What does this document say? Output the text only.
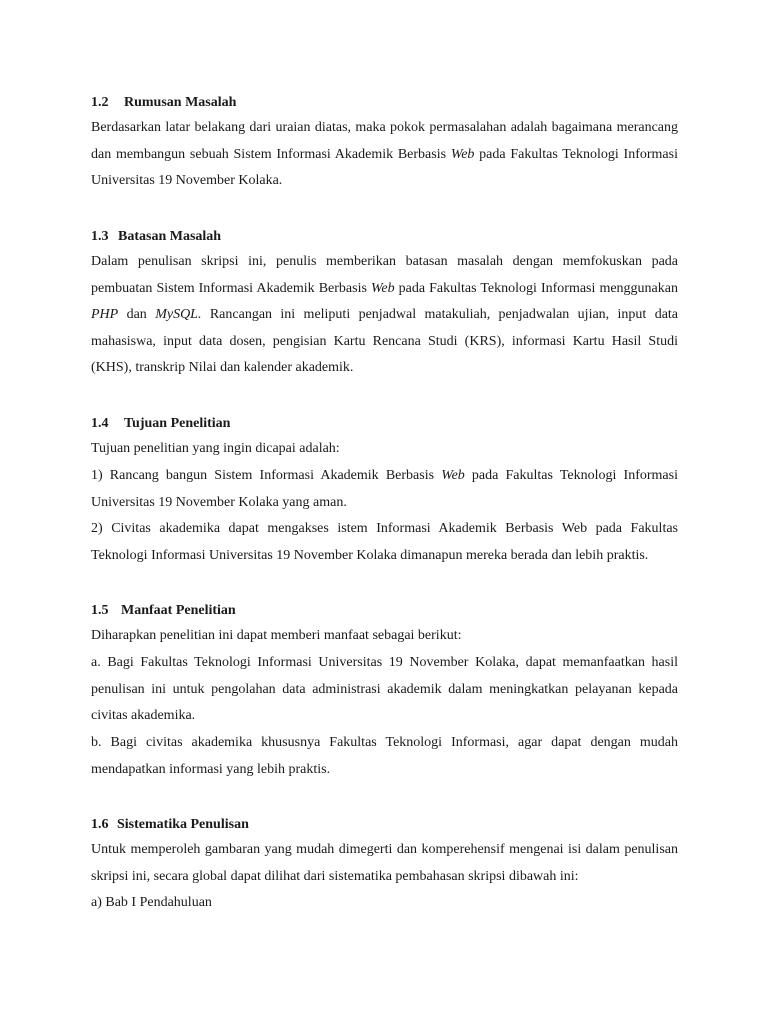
1.2 Rumusan Masalah
Berdasarkan latar belakang dari uraian diatas, maka pokok permasalahan adalah bagaimana merancang dan membangun sebuah Sistem Informasi Akademik Berbasis Web pada Fakultas Teknologi Informasi Universitas 19 November Kolaka.
1.3 Batasan Masalah
Dalam penulisan skripsi ini, penulis memberikan batasan masalah dengan memfokuskan pada pembuatan Sistem Informasi Akademik Berbasis Web pada Fakultas Teknologi Informasi menggunakan PHP dan MySQL. Rancangan ini meliputi penjadwal matakuliah, penjadwalan ujian, input data mahasiswa, input data dosen, pengisian Kartu Rencana Studi (KRS), informasi Kartu Hasil Studi (KHS), transkrip Nilai dan kalender akademik.
1.4 Tujuan Penelitian
Tujuan penelitian yang ingin dicapai adalah:
1) Rancang bangun Sistem Informasi Akademik Berbasis Web pada Fakultas Teknologi Informasi Universitas 19 November Kolaka yang aman.
2) Civitas akademika dapat mengakses istem Informasi Akademik Berbasis Web pada Fakultas Teknologi Informasi Universitas 19 November Kolaka dimanapun mereka berada dan lebih praktis.
1.5 Manfaat Penelitian
Diharapkan penelitian ini dapat memberi manfaat sebagai berikut:
a. Bagi Fakultas Teknologi Informasi Universitas 19 November Kolaka, dapat memanfaatkan hasil penulisan ini untuk pengolahan data administrasi akademik dalam meningkatkan pelayanan kepada civitas akademika.
b. Bagi civitas akademika khususnya Fakultas Teknologi Informasi, agar dapat dengan mudah mendapatkan informasi yang lebih praktis.
1.6 Sistematika Penulisan
Untuk memperoleh gambaran yang mudah dimegerti dan komperehensif mengenai isi dalam penulisan skripsi ini, secara global dapat dilihat dari sistematika pembahasan skripsi dibawah ini:
a) Bab I Pendahuluan
